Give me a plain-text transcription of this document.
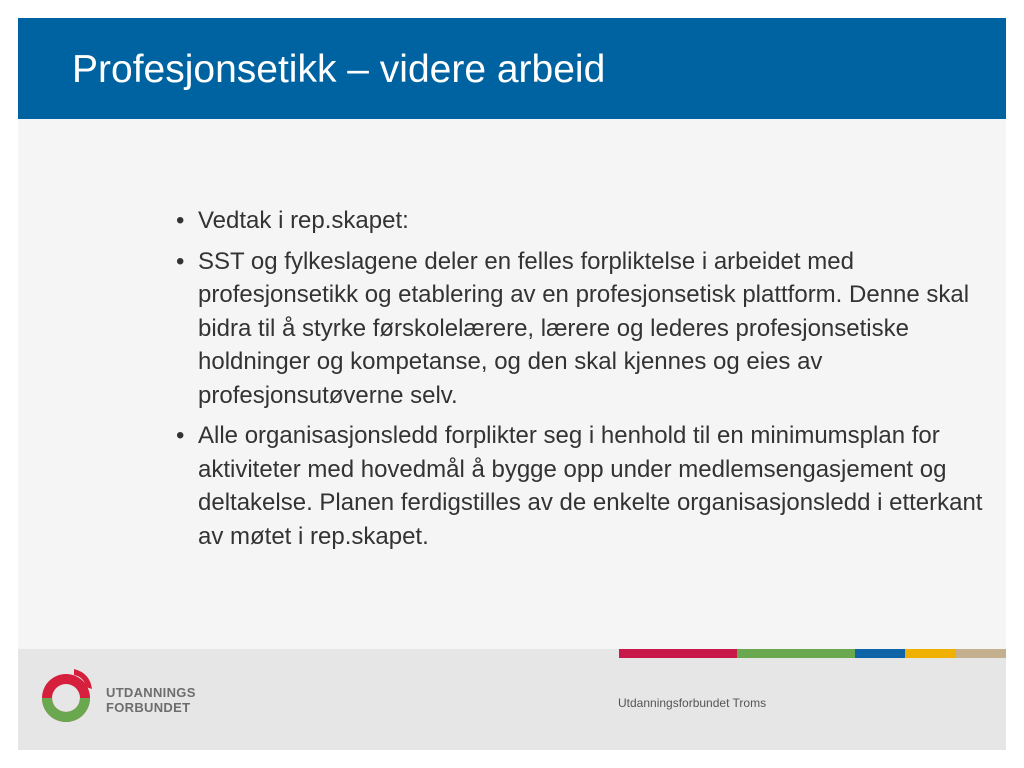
Profesjonsetikk – videre arbeid
• Vedtak i rep.skapet:
• SST og fylkeslagene deler en felles forpliktelse i arbeidet med profesjonsetikk og etablering av en profesjonsetisk plattform. Denne skal bidra til å styrke førskolelærere, lærere og lederes profesjonsetiske holdninger og kompetanse, og den skal kjennes og eies av profesjonsutøverne selv.
• Alle organisasjonsledd forplikter seg i henhold til en minimumsplan for aktiviteter med hovedmål å bygge opp under medlemsengasjement og deltakelse. Planen ferdigstilles av de enkelte organisasjonsledd i etterkant av møtet i rep.skapet.
UTDANNINGS
FORBUNDET	Utdanningsforbundet Troms
